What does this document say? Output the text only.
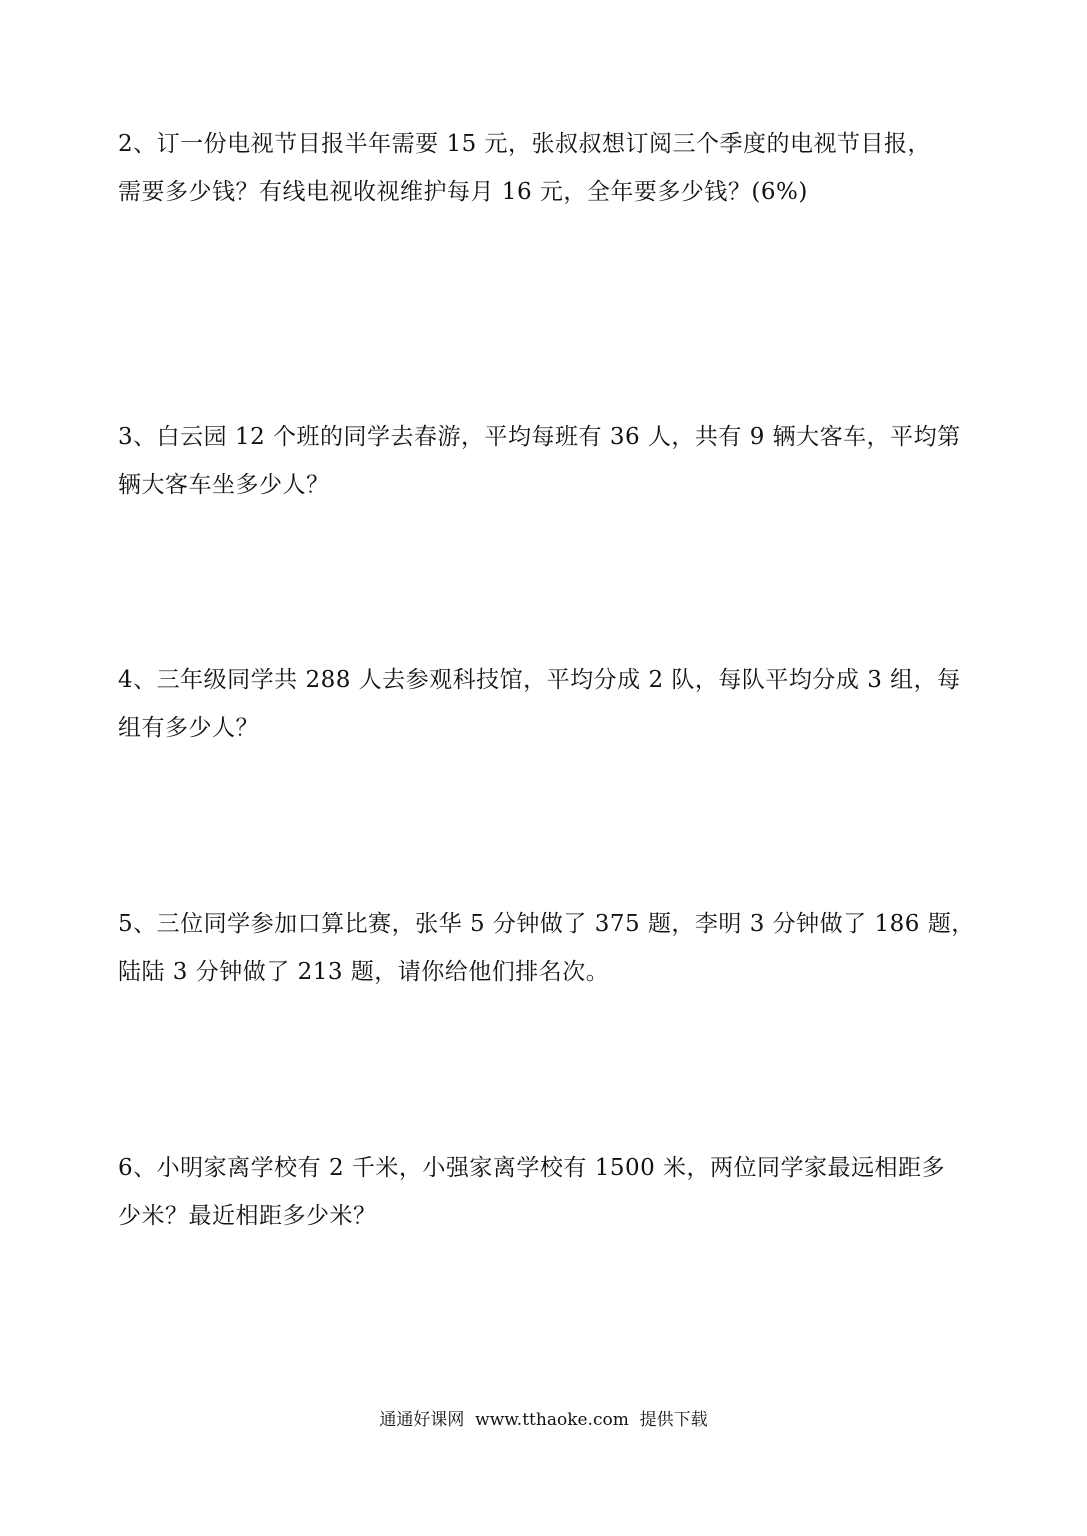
2、订一份电视节目报半年需要 15 元，张叔叔想订阅三个季度的电视节目报，
需要多少钱？有线电视收视维护每月 16 元，全年要多少钱？(6%)
3、白云园 12 个班的同学去春游，平均每班有 36 人，共有 9 辆大客车，平均第
辆大客车坐多少人？
4、三年级同学共 288 人去参观科技馆，平均分成 2 队，每队平均分成 3 组，每
组有多少人？
5、三位同学参加口算比赛，张华 5 分钟做了 375 题，李明 3 分钟做了 186 题，
陆陆 3 分钟做了 213 题，请你给他们排名次。
6、小明家离学校有 2 千米，小强家离学校有 1500 米，两位同学家最远相距多
少米？最近相距多少米？
通通好课网  www.tthaoke.com  提供下载
